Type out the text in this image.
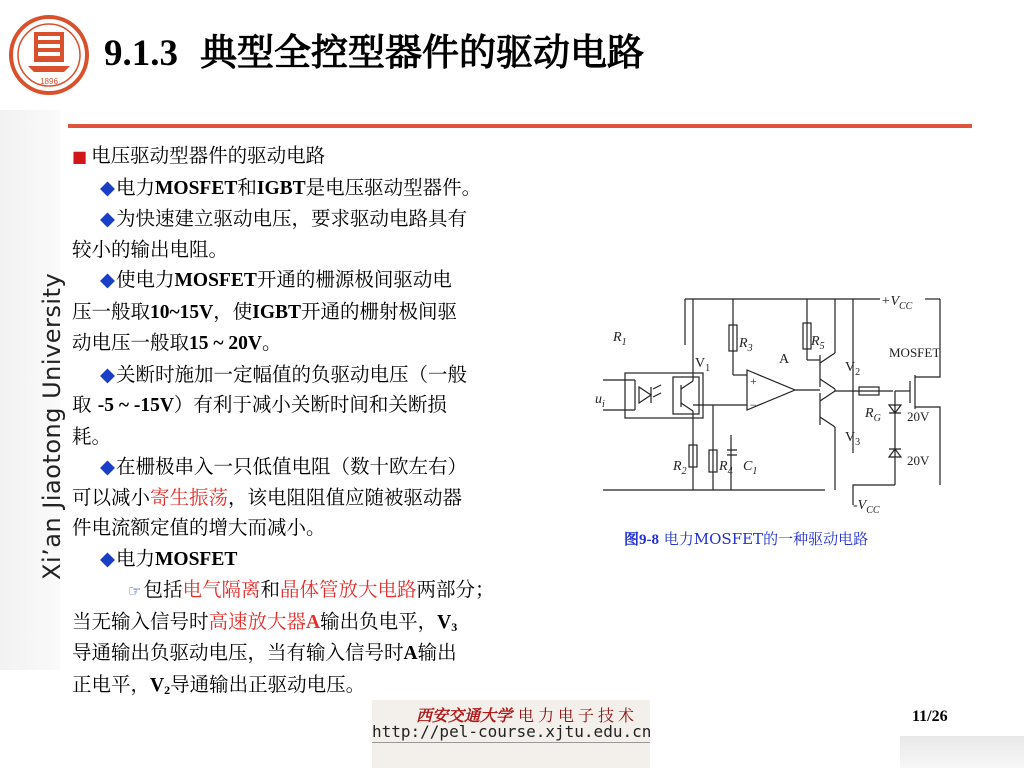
Xi’an Jiaotong University
1896
9.1.3 典型全控型器件的驱动电路

■ 电压驱动型器件的驱动电路

◆电力MOSFET和IGBT是电压驱动型器件。

◆为快速建立驱动电压，要求驱动电路具有

较小的输出电阻。

◆使电力MOSFET开通的栅源极间驱动电

压一般取10~15V，使IGBT开通的栅射极间驱

动电压一般取15 ~ 20V。

◆关断时施加一定幅值的负驱动电压（一般

取 -5 ~ -15V）有利于减小关断时间和关断损

耗。

◆在栅极串入一只低值电阻（数十欧左右）

可以减小寄生振荡，该电阻阻值应随被驱动器

件电流额定值的增大而减小。

◆电力MOSFET

☞ 包括电气隔离和晶体管放大电路两部分；

当无输入信号时高速放大器A输出负电平，$V_3$

导通输出负驱动电压，当有输入信号时A输出

正电平，$V_2$导通输出正驱动电压。

$R_1$
$R_2$
$R_3$
$R_4$
$R_5$
$C_1$
$R_G$
$u_i$
$+V_{CC}$
$-V_{CC}$
$V_1$	$V_2$
$V_3$
A
+
−
MOSFET
20V
20V
图9-8 电力MOSFET的一种驱动电路
西安交通大学 电力电子技术
http://pel-course.xjtu.edu.cn
11/26
